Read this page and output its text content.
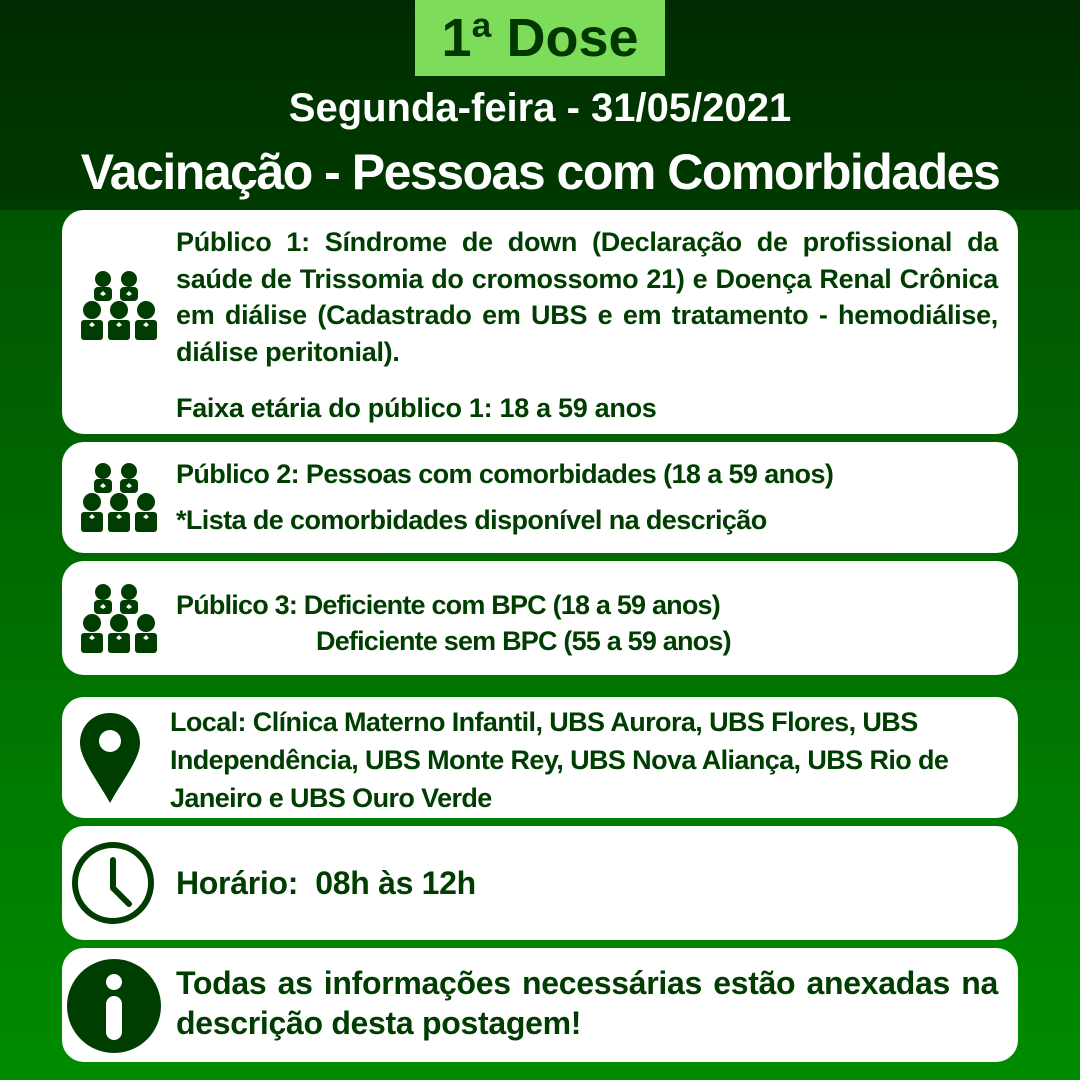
1ª Dose
Segunda-feira - 31/05/2021
Vacinação - Pessoas com Comorbidades
Público 1: Síndrome de down (Declaração de profissional da saúde de Trissomia do cromossomo 21) e Doença Renal Crônica em diálise (Cadastrado em UBS e em tratamento - hemodiálise, diálise peritonial).
Faixa etária do público 1: 18 a 59 anos
Público 2: Pessoas com comorbidades (18 a 59 anos)
*Lista de comorbidades disponível na descrição
Público 3: Deficiente com BPC (18 a 59 anos)
Deficiente sem BPC (55 a 59 anos)
Local: Clínica Materno Infantil, UBS Aurora, UBS Flores, UBS Independência, UBS Monte Rey, UBS Nova Aliança, UBS Rio de Janeiro e UBS Ouro Verde
Horário:  08h às 12h
Todas as informações necessárias estão anexadas na descrição desta postagem!
